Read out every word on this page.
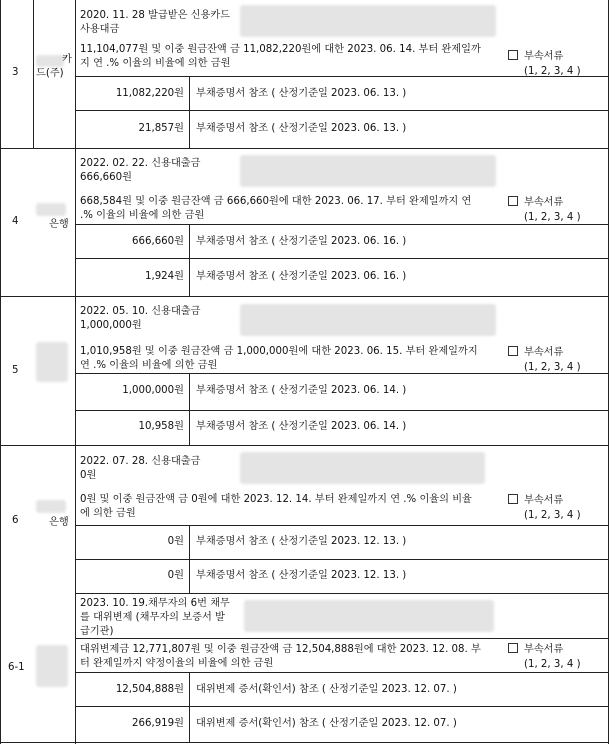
3
카
드(주)
2020. 11. 28 발급받은 신용카드
사용대금
11,104,077원 및 이중 원금잔액 금 11,082,220원에 대한 2023. 06. 14. 부터 완제일까
지 연 .% 이율의 비율에 의한 금원
부속서류
(1, 2, 3, 4 )
11,082,220원 부채증명서 참조 ( 산정기준일 2023. 06. 13. )
21,857원 부채증명서 참조 ( 산정기준일 2023. 06. 13. )
4	은행
2022. 02. 22. 신용대출금
666,660원
668,584원 및 이중 원금잔액 금 666,660원에 대한 2023. 06. 17. 부터 완제일까지 연
.% 이율의 비율에 의한 금원
부속서류
(1, 2, 3, 4 )
666,660원 부채증명서 참조 ( 산정기준일 2023. 06. 16. )
1,924원 부채증명서 참조 ( 산정기준일 2023. 06. 16. )
5
2022. 05. 10. 신용대출금
1,000,000원
1,010,958원 및 이중 원금잔액 금 1,000,000원에 대한 2023. 06. 15. 부터 완제일까지
연 .% 이율의 비율에 의한 금원
부속서류
(1, 2, 3, 4 )
1,000,000원 부채증명서 참조 ( 산정기준일 2023. 06. 14. )
10,958원 부채증명서 참조 ( 산정기준일 2023. 06. 14. )
6	은행
2022. 07. 28. 신용대출금
0원
0원 및 이중 원금잔액 금 0원에 대한 2023. 12. 14. 부터 완제일까지 연 .% 이율의 비율
에 의한 금원
부속서류
(1, 2, 3, 4 )
0원 부채증명서 참조 ( 산정기준일 2023. 12. 13. )
0원 부채증명서 참조 ( 산정기준일 2023. 12. 13. )
6-1
2023. 10. 19.채무자의 6번 채무
를 대위변제 (채무자의 보증서 발
급기관)
대위변제금 12,771,807원 및 이중 원금잔액 금 12,504,888원에 대한 2023. 12. 08. 부
터 완제일까지 약정이율의 비율에 의한 금원
부속서류
(1, 2, 3, 4 )
12,504,888원 대위변제 증서(확인서) 참조 ( 산정기준일 2023. 12. 07. )
266,919원 대위변제 증서(확인서) 참조 ( 산정기준일 2023. 12. 07. )
